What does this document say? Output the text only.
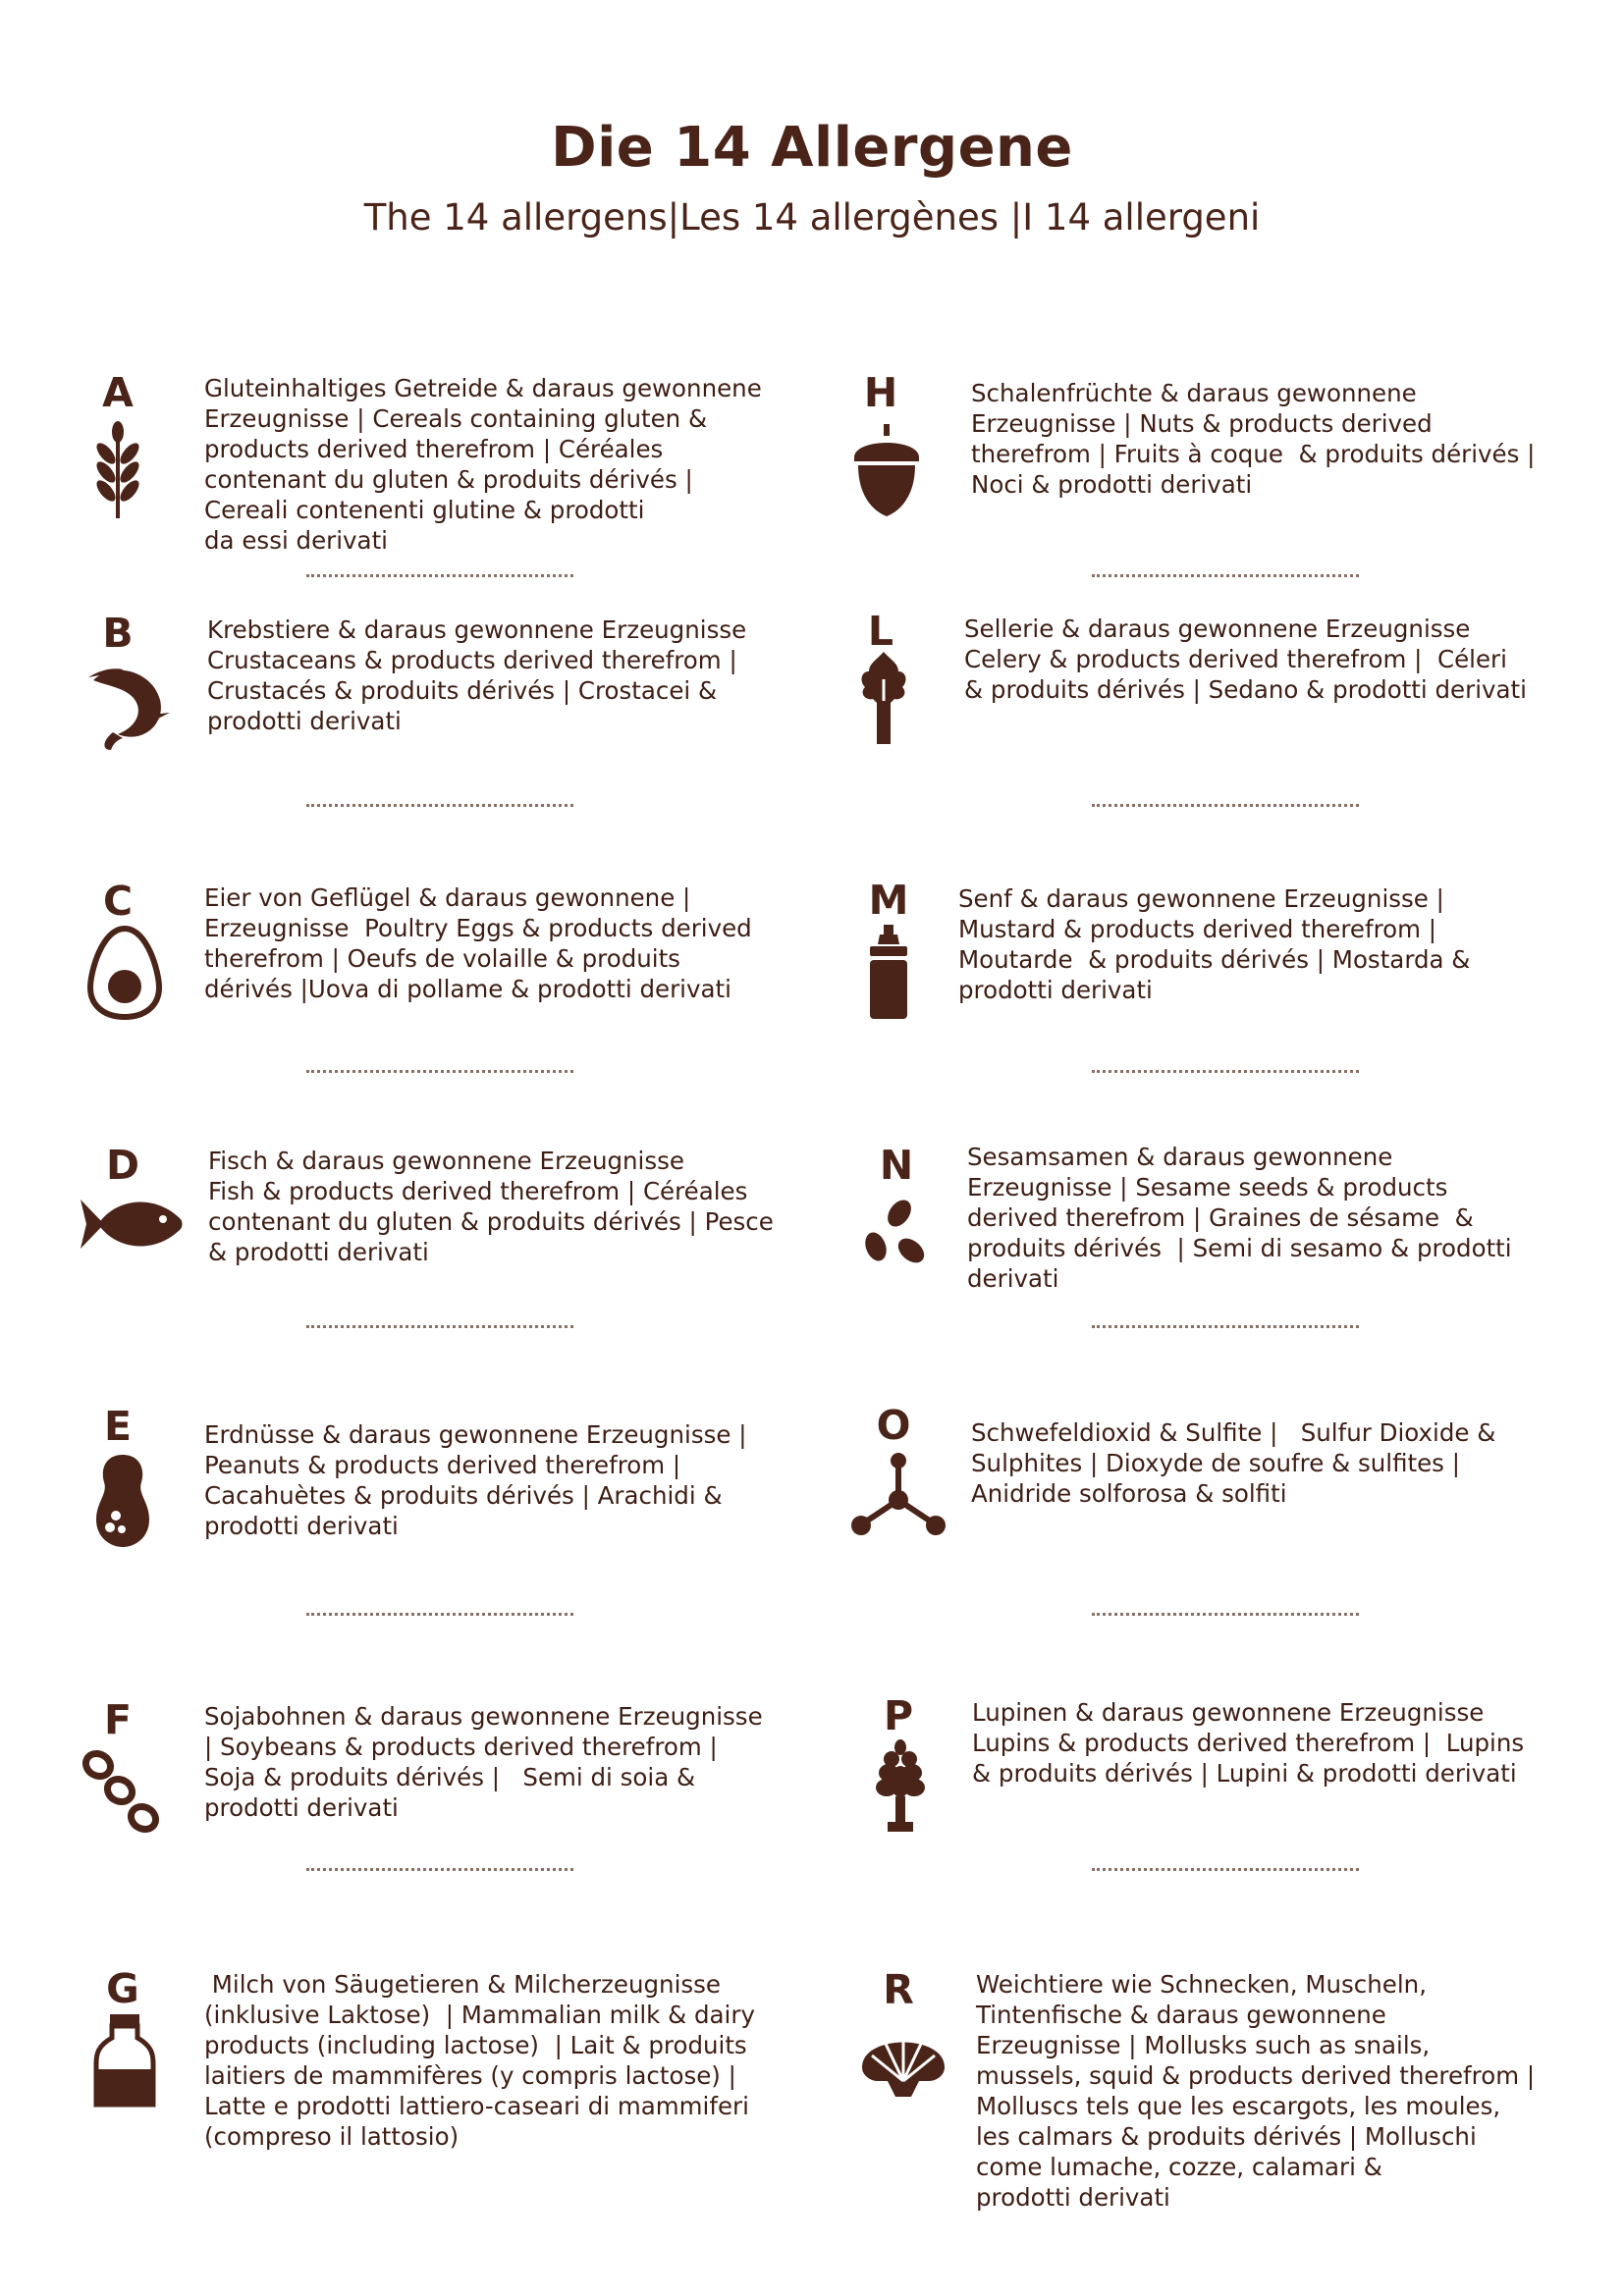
Die 14 Allergene
The 14 allergens|Les 14 allergènes |I 14 allergeni
A	Gluteinhaltiges Getreide & daraus gewonnene
Erzeugnisse | Cereals containing gluten &
products derived therefrom | Céréales
contenant du gluten & produits dérivés |
Cereali contenenti glutine & prodotti
da essi derivati
B	Krebstiere & daraus gewonnene Erzeugnisse
Crustaceans & products derived therefrom |
Crustacés & produits dérivés | Crostacei &
prodotti derivati
C	Eier von Geflügel & daraus gewonnene |
Erzeugnisse  Poultry Eggs & products derived
therefrom | Oeufs de volaille & produits
dérivés |Uova di pollame & prodotti derivati
D	Fisch & daraus gewonnene Erzeugnisse
Fish & products derived therefrom | Céréales
contenant du gluten & produits dérivés | Pesce
& prodotti derivati
E	Erdnüsse & daraus gewonnene Erzeugnisse |
Peanuts & products derived therefrom |
Cacahuètes & produits dérivés | Arachidi &
prodotti derivati
F	Sojabohnen & daraus gewonnene Erzeugnisse
| Soybeans & products derived therefrom |
Soja & produits dérivés |   Semi di soia &
prodotti derivati
G	Milch von Säugetieren & Milcherzeugnisse
(inklusive Laktose)  | Mammalian milk & dairy
products (including lactose)  | Lait & produits
laitiers de mammifères (y compris lactose) |
Latte e prodotti lattiero-caseari di mammiferi
(compreso il lattosio)
H	Schalenfrüchte & daraus gewonnene
Erzeugnisse | Nuts & products derived
therefrom | Fruits à coque  & produits dérivés |
Noci & prodotti derivati
L	Sellerie & daraus gewonnene Erzeugnisse
Celery & products derived therefrom |  Céleri
& produits dérivés | Sedano & prodotti derivati
M	Senf & daraus gewonnene Erzeugnisse |
Mustard & products derived therefrom |
Moutarde  & produits dérivés | Mostarda &
prodotti derivati
N	Sesamsamen & daraus gewonnene
Erzeugnisse | Sesame seeds & products
derived therefrom | Graines de sésame  &
produits dérivés  | Semi di sesamo & prodotti
derivati
O	Schwefeldioxid & Sulfite |   Sulfur Dioxide &
Sulphites | Dioxyde de soufre & sulfites |
Anidride solforosa & solfiti
P	Lupinen & daraus gewonnene Erzeugnisse
Lupins & products derived therefrom |  Lupins
& produits dérivés | Lupini & prodotti derivati
R	Weichtiere wie Schnecken, Muscheln,
Tintenfische & daraus gewonnene
Erzeugnisse | Mollusks such as snails,
mussels, squid & products derived therefrom |
Molluscs tels que les escargots, les moules,
les calmars & produits dérivés | Molluschi
come lumache, cozze, calamari &
prodotti derivati
